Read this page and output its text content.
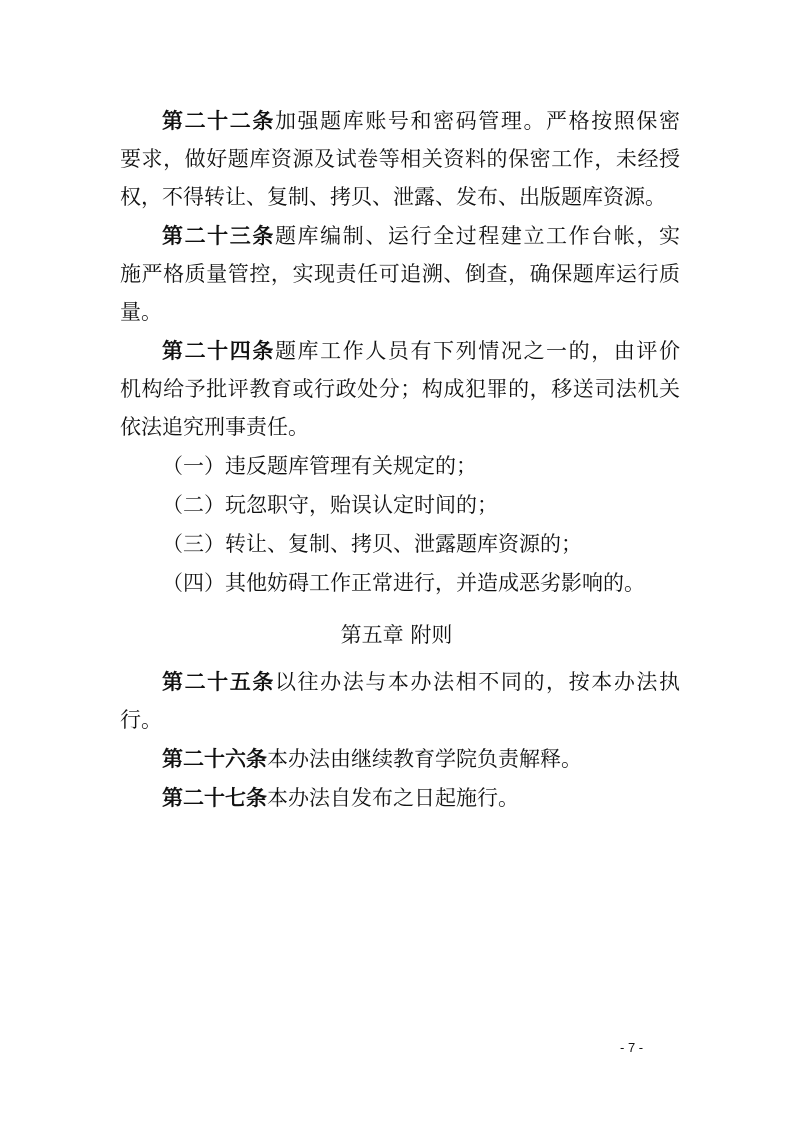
第二十二条加强题库账号和密码管理。严格按照保密
要求，做好题库资源及试卷等相关资料的保密工作，未经授
权，不得转让、复制、拷贝、泄露、发布、出版题库资源。
第二十三条题库编制、运行全过程建立工作台帐，实
施严格质量管控，实现责任可追溯、倒查，确保题库运行质
量。
第二十四条题库工作人员有下列情况之一的，由评价
机构给予批评教育或行政处分；构成犯罪的，移送司法机关
依法追究刑事责任。
（一）违反题库管理有关规定的；
（二）玩忽职守，贻误认定时间的；
（三）转让、复制、拷贝、泄露题库资源的；
（四）其他妨碍工作正常进行，并造成恶劣影响的。
第五章 附则
第二十五条以往办法与本办法相不同的，按本办法执
行。
第二十六条本办法由继续教育学院负责解释。
第二十七条本办法自发布之日起施行。
- 7 -
